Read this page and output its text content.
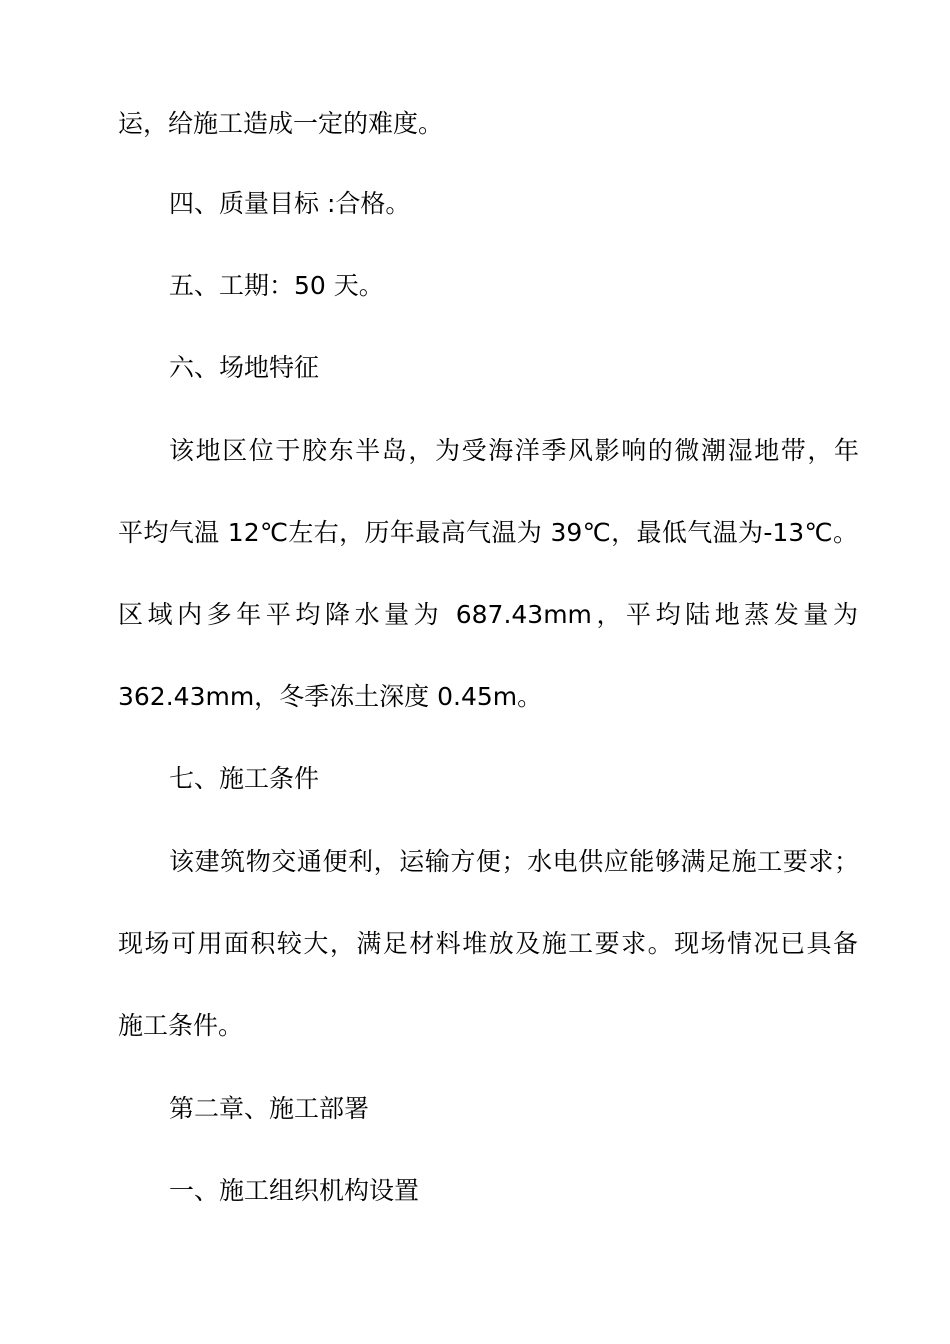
运，给施工造成一定的难度。
四、质量目标 :合格。
五、工期：50 天。
六、场地特征
该地区位于胶东半岛，为受海洋季风影响的微潮湿地带，年
平均气温 12℃左右，历年最高气温为 39℃，最低气温为-13℃。
区域内多年平均降水量为 687.43mm，平均陆地蒸发量为
362.43mm，冬季冻土深度 0.45m。
七、施工条件
该建筑物交通便利，运输方便；水电供应能够满足施工要求；
现场可用面积较大，满足材料堆放及施工要求。现场情况已具备
施工条件。
第二章、施工部署
一、施工组织机构设置
